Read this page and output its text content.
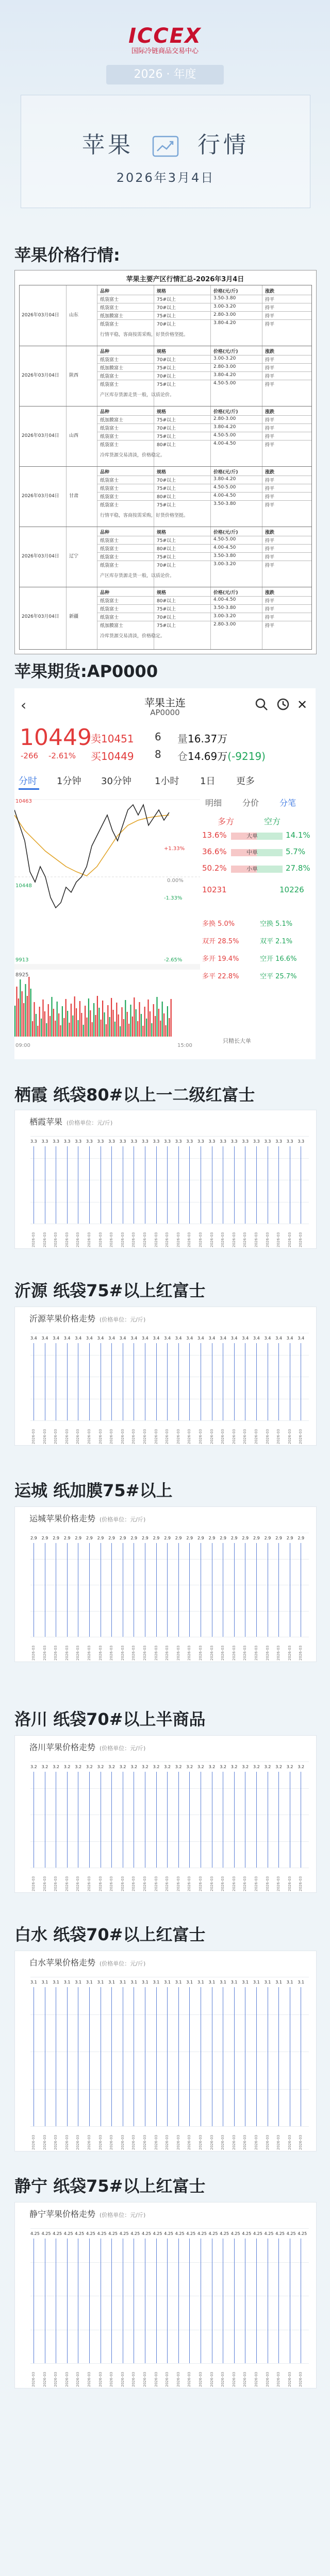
ICCEX
国际冷链商品交易中心
2026 · 年度
苹果	行情
2026年3月4日
苹果价格行情:
苹果主要产区行情汇总-2026年3月4日
2026年03月04日 山东
品种	规格	价格(元/斤)	涨跌
纸袋富士	75#以上	3.50-3.80	持平
纸袋富士	70#以上	3.00-3.20	持平
纸加膜富士	75#以上	2.80-3.00	持平
纸袋富士	70#以上	3.80-4.20	持平
行情平稳，客商按需采购，好货价格坚挺。
2026年03月04日 陕西
品种	规格	价格(元/斤)	涨跌
纸袋富士	70#以上	3.00-3.20	持平
纸加膜富士	75#以上	2.80-3.00	持平
纸袋富士	70#以上	3.80-4.20	持平
纸袋富士	75#以上	4.50-5.00	持平
产区库存货源走货一般，以质论价。
2026年03月04日 山西
品种	规格	价格(元/斤)	涨跌
纸加膜富士	75#以上	2.80-3.00	持平
纸袋富士	70#以上	3.80-4.20	持平
纸袋富士	75#以上	4.50-5.00	持平
纸袋富士	80#以上	4.00-4.50	持平
冷库货源交易清淡，价格稳定。
2026年03月04日 甘肃
品种	规格	价格(元/斤)	涨跌
纸袋富士	70#以上	3.80-4.20	持平
纸袋富士	75#以上	4.50-5.00	持平
纸袋富士	80#以上	4.00-4.50	持平
纸袋富士	75#以上	3.50-3.80	持平
行情平稳，客商按需采购，好货价格坚挺。
2026年03月04日 辽宁
品种	规格	价格(元/斤)	涨跌
纸袋富士	75#以上	4.50-5.00	持平
纸袋富士	80#以上	4.00-4.50	持平
纸袋富士	75#以上	3.50-3.80	持平
纸袋富士	70#以上	3.00-3.20	持平
产区库存货源走货一般，以质论价。
2026年03月04日 新疆
品种	规格	价格(元/斤)	涨跌
纸袋富士	80#以上	4.00-4.50	持平
纸袋富士	75#以上	3.50-3.80	持平
纸袋富士	70#以上	3.00-3.20	持平
纸加膜富士	75#以上	2.80-3.00	持平
冷库货源交易清淡，价格稳定。
苹果期货:AP0000
‹	苹果主连
AP0000
✕
10449
-266 -2.61%
卖10451 6
买10449 8
量16.37万
仓14.69万(-9219)
分时 1分钟 30分钟	1小时 1日 更多
10463
10448
9913
+1.33%
0.00%
-1.33%
-2.65%
8925
09:00	15:00
明细 分价 分笔
多方	空方
13.6%	大单	14.1%
36.6%	中单	5.7%
50.2%	小单	27.8%
10231	10226
多换 5.0%	空换 5.1%
双开 28.5%	双平 2.1%
多开 19.4%	空开 16.6%
多平 22.8%	空平 25.7%
只精长大单
栖霞 纸袋80#以上一二级红富士
栖霞苹果 (价格单位：元/斤)
3.3
2026-03
3.3
2026-03
3.3
2026-03
3.3
2026-03
3.3
2026-03
3.3
2026-03
3.3
2026-03
3.3
2026-03
3.3
2026-03
3.3
2026-03
3.3
2026-03
3.3
2026-03
3.3
2026-03
3.3
2026-03
3.3
2026-03
3.3
2026-03
3.3
2026-03
3.3
2026-03
3.3
2026-03
3.3
2026-03
3.3
2026-03
3.3
2026-03
3.3
2026-03
3.3
2026-03
3.3
2026-03
沂源 纸袋75#以上红富士
沂源苹果价格走势 (价格单位：元/斤)
3.4
2026-03
3.4
2026-03
3.4
2026-03
3.4
2026-03
3.4
2026-03
3.4
2026-03
3.4
2026-03
3.4
2026-03
3.4
2026-03
3.4
2026-03
3.4
2026-03
3.4
2026-03
3.4
2026-03
3.4
2026-03
3.4
2026-03
3.4
2026-03
3.4
2026-03
3.4
2026-03
3.4
2026-03
3.4
2026-03
3.4
2026-03
3.4
2026-03
3.4
2026-03
3.4
2026-03
3.4
2026-03
运城 纸加膜75#以上
运城苹果价格走势 (价格单位：元/斤)
2.9
2026-03
2.9
2026-03
2.9
2026-03
2.9
2026-03
2.9
2026-03
2.9
2026-03
2.9
2026-03
2.9
2026-03
2.9
2026-03
2.9
2026-03
2.9
2026-03
2.9
2026-03
2.9
2026-03
2.9
2026-03
2.9
2026-03
2.9
2026-03
2.9
2026-03
2.9
2026-03
2.9
2026-03
2.9
2026-03
2.9
2026-03
2.9
2026-03
2.9
2026-03
2.9
2026-03
2.9
2026-03
洛川 纸袋70#以上半商品
洛川苹果价格走势 (价格单位：元/斤)
3.2
2026-03
3.2
2026-03
3.2
2026-03
3.2
2026-03
3.2
2026-03
3.2
2026-03
3.2
2026-03
3.2
2026-03
3.2
2026-03
3.2
2026-03
3.2
2026-03
3.2
2026-03
3.2
2026-03
3.2
2026-03
3.2
2026-03
3.2
2026-03
3.2
2026-03
3.2
2026-03
3.2
2026-03
3.2
2026-03
3.2
2026-03
3.2
2026-03
3.2
2026-03
3.2
2026-03
3.2
2026-03
白水 纸袋70#以上红富士
白水苹果价格走势 (价格单位：元/斤)
3.1
2026-03
3.1
2026-03
3.1
2026-03
3.1
2026-03
3.1
2026-03
3.1
2026-03
3.1
2026-03
3.1
2026-03
3.1
2026-03
3.1
2026-03
3.1
2026-03
3.1
2026-03
3.1
2026-03
3.1
2026-03
3.1
2026-03
3.1
2026-03
3.1
2026-03
3.1
2026-03
3.1
2026-03
3.1
2026-03
3.1
2026-03
3.1
2026-03
3.1
2026-03
3.1
2026-03
3.1
2026-03
静宁 纸袋75#以上红富士
静宁苹果价格走势 (价格单位：元/斤)
4.25
2026-03
4.25
2026-03
4.25
2026-03
4.25
2026-03
4.25
2026-03
4.25
2026-03
4.25
2026-03
4.25
2026-03
4.25
2026-03
4.25
2026-03
4.25
2026-03
4.25
2026-03
4.25
2026-03
4.25
2026-03
4.25
2026-03
4.25
2026-03
4.25
2026-03
4.25
2026-03
4.25
2026-03
4.25
2026-03
4.25
2026-03
4.25
2026-03
4.25
2026-03
4.25
2026-03
4.25
2026-03
